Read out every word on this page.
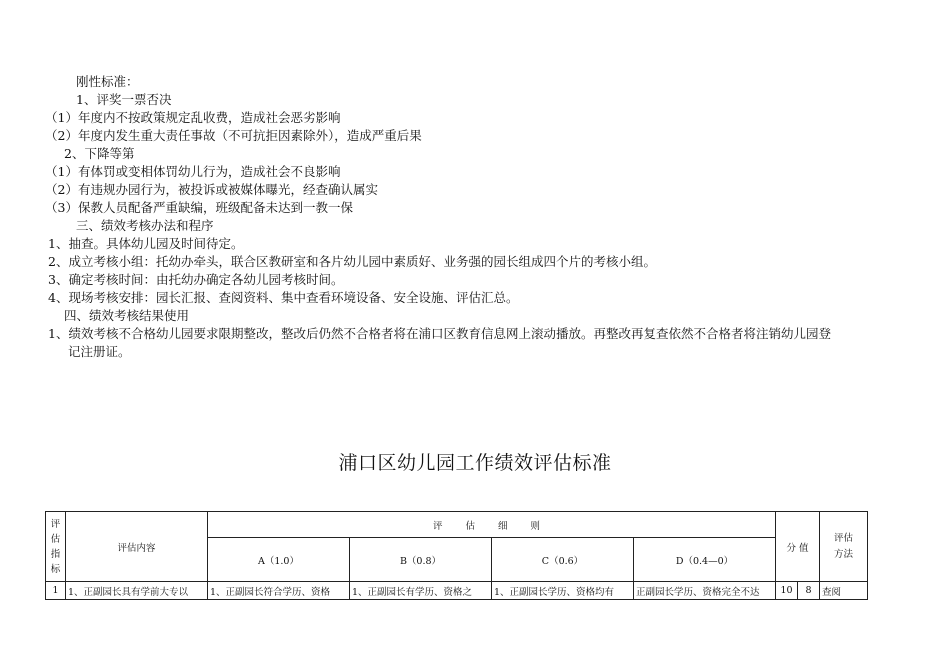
刚性标准：
1、评奖一票否决
（1）年度内不按政策规定乱收费，造成社会恶劣影响
（2）年度内发生重大责任事故（不可抗拒因素除外），造成严重后果
2、下降等第
（1）有体罚或变相体罚幼儿行为，造成社会不良影响
（2）有违规办园行为，被投诉或被媒体曝光，经查确认属实
（3）保教人员配备严重缺编，班级配备未达到一教一保
三、绩效考核办法和程序
1、抽查。具体幼儿园及时间待定。
2、成立考核小组：托幼办牵头，联合区教研室和各片幼儿园中素质好、业务强的园长组成四个片的考核小组。
3、确定考核时间：由托幼办确定各幼儿园考核时间。
4、现场考核安排：园长汇报、查阅资料、集中查看环境设备、安全设施、评估汇总。
四、绩效考核结果使用
1、绩效考核不合格幼儿园要求限期整改，整改后仍然不合格者将在浦口区教育信息网上滚动播放。再整改再复查依然不合格者将注销幼儿园登
记注册证。
浦口区幼儿园工作绩效评估标准
评估指标	评估内容	评 估 细 则				分 值		评估方法

		A（1.0）	B（0.8）	C（0.6）	D（0.4—0）			
1	1、正副园长具有学前大专以	1、正副园长符合学历、资格	1、正副园长有学历、资格之	1、正副园长学历、资格均有	正副园长学历、资格完全不达	10	8	查阅
